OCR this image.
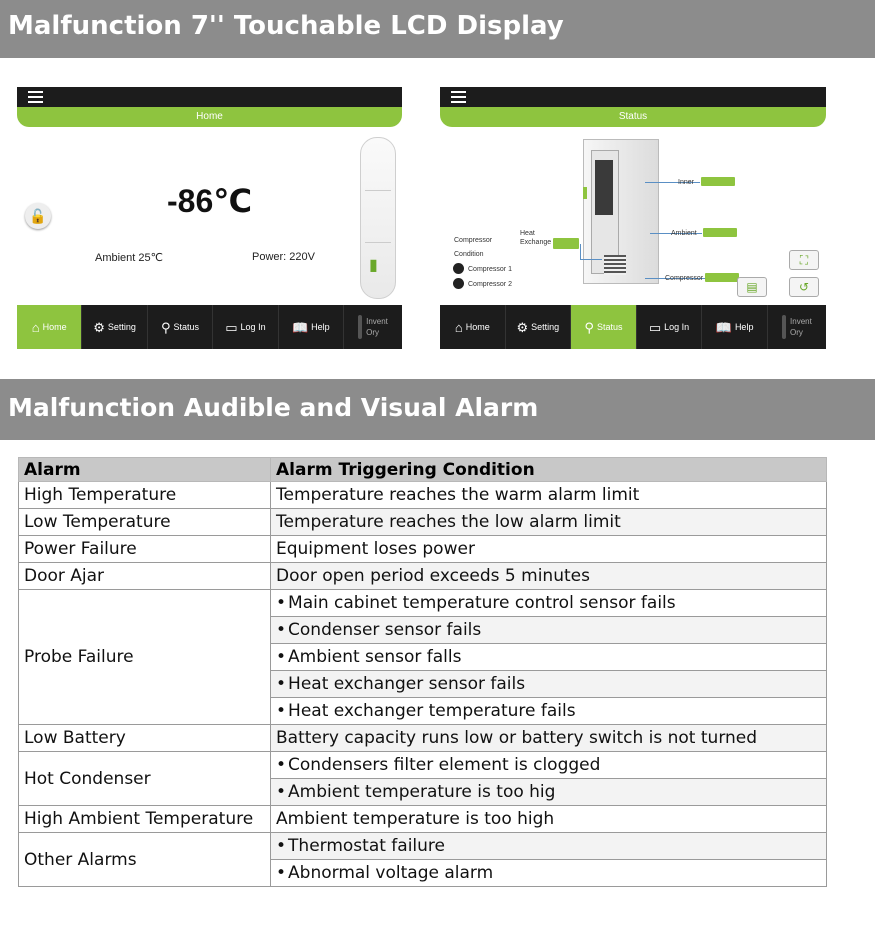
Malfunction 7'' Touchable LCD Display
Home
🔓	-86℃
Ambient 25℃	Power: 220V	▮
⌂ Home ⚙ Setting ⚲ Status ▭ Log In 📖 Help
Invent
Ory
Status
Inner
Ambient
Compressor
Heat
Exchange
Compressor
Condition
Compressor 1
Compressor 2
⛶
↺
▤
⌂ Home ⚙ Setting ⚲ Status ▭ Log In 📖 Help
Invent
Ory
Malfunction Audible and Visual Alarm
Alarm	Alarm Triggering Condition
High Temperature	Temperature reaches the warm alarm limit
Low Temperature	Temperature reaches the low alarm limit
Power Failure	Equipment loses power
Door Ajar	Door open period exceeds 5 minutes
Probe Failure	• Main cabinet temperature control sensor fails
	• Condenser sensor fails
	• Ambient sensor falls
	• Heat exchanger sensor fails
	• Heat exchanger temperature fails
Low Battery	Battery capacity runs low or battery switch is not turned
Hot Condenser	• Condensers filter element is clogged
	• Ambient temperature is too hig
High Ambient Temperature	Ambient temperature is too high
Other Alarms	• Thermostat failure
	• Abnormal voltage alarm
